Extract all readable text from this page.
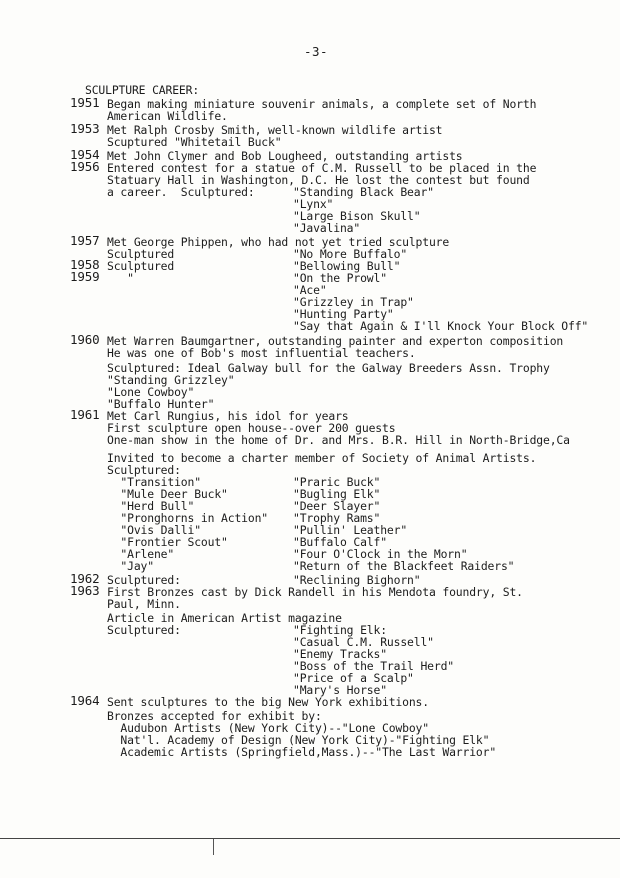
-3-
SCULPTURE CAREER:
1951 Began making miniature souvenir animals, a complete set of North
American Wildlife.
1953 Met Ralph Crosby Smith, well-known wildlife artist
Scuptured "Whitetail Buck"
1954 Met John Clymer and Bob Lougheed, outstanding artists
1956 Entered contest for a statue of C.M. Russell to be placed in the
Statuary Hall in Washington, D.C. He lost the contest but found
a career.  Sculptured:	"Standing Black Bear"
"Lynx"
"Large Bison Skull"
"Javalina"
1957 Met George Phippen, who had not yet tried sculpture
Sculptured	"No More Buffalo"
1958 Sculptured	"Bellowing Bull"
1959 "	"On the Prowl"
"Ace"
"Grizzley in Trap"
"Hunting Party"
"Say that Again & I'll Knock Your Block Off"
1960 Met Warren Baumgartner, outstanding painter and experton composition
He was one of Bob's most influential teachers.
Sculptured: Ideal Galway bull for the Galway Breeders Assn. Trophy
"Standing Grizzley"
"Lone Cowboy"
"Buffalo Hunter"
1961 Met Carl Rungius, his idol for years
First sculpture open house--over 200 guests
One-man show in the home of Dr. and Mrs. B.R. Hill in North-Bridge,Ca
Invited to become a charter member of Society of Animal Artists.
Sculptured:
"Transition"	"Praric Buck"
"Mule Deer Buck"	"Bugling Elk"
"Herd Bull"	"Deer Slayer"
"Pronghorns in Action" "Trophy Rams"
"Ovis Dalli"	"Pullin' Leather"
"Frontier Scout"	"Buffalo Calf"
"Arlene"	"Four O'Clock in the Morn"
"Jay"	"Return of the Blackfeet Raiders"
1962 Sculptured:	"Reclining Bighorn"
1963 First Bronzes cast by Dick Randell in his Mendota foundry, St.
Paul, Minn.
Article in American Artist magazine
Sculptured:	"Fighting Elk:
"Casual C.M. Russell"
"Enemy Tracks"
"Boss of the Trail Herd"
"Price of a Scalp"
"Mary's Horse"
1964 Sent sculptures to the big New York exhibitions.
Bronzes accepted for exhibit by:
Audubon Artists (New York City)--"Lone Cowboy"
Nat'l. Academy of Design (New York City)-"Fighting Elk"
Academic Artists (Springfield,Mass.)--"The Last Warrior"
